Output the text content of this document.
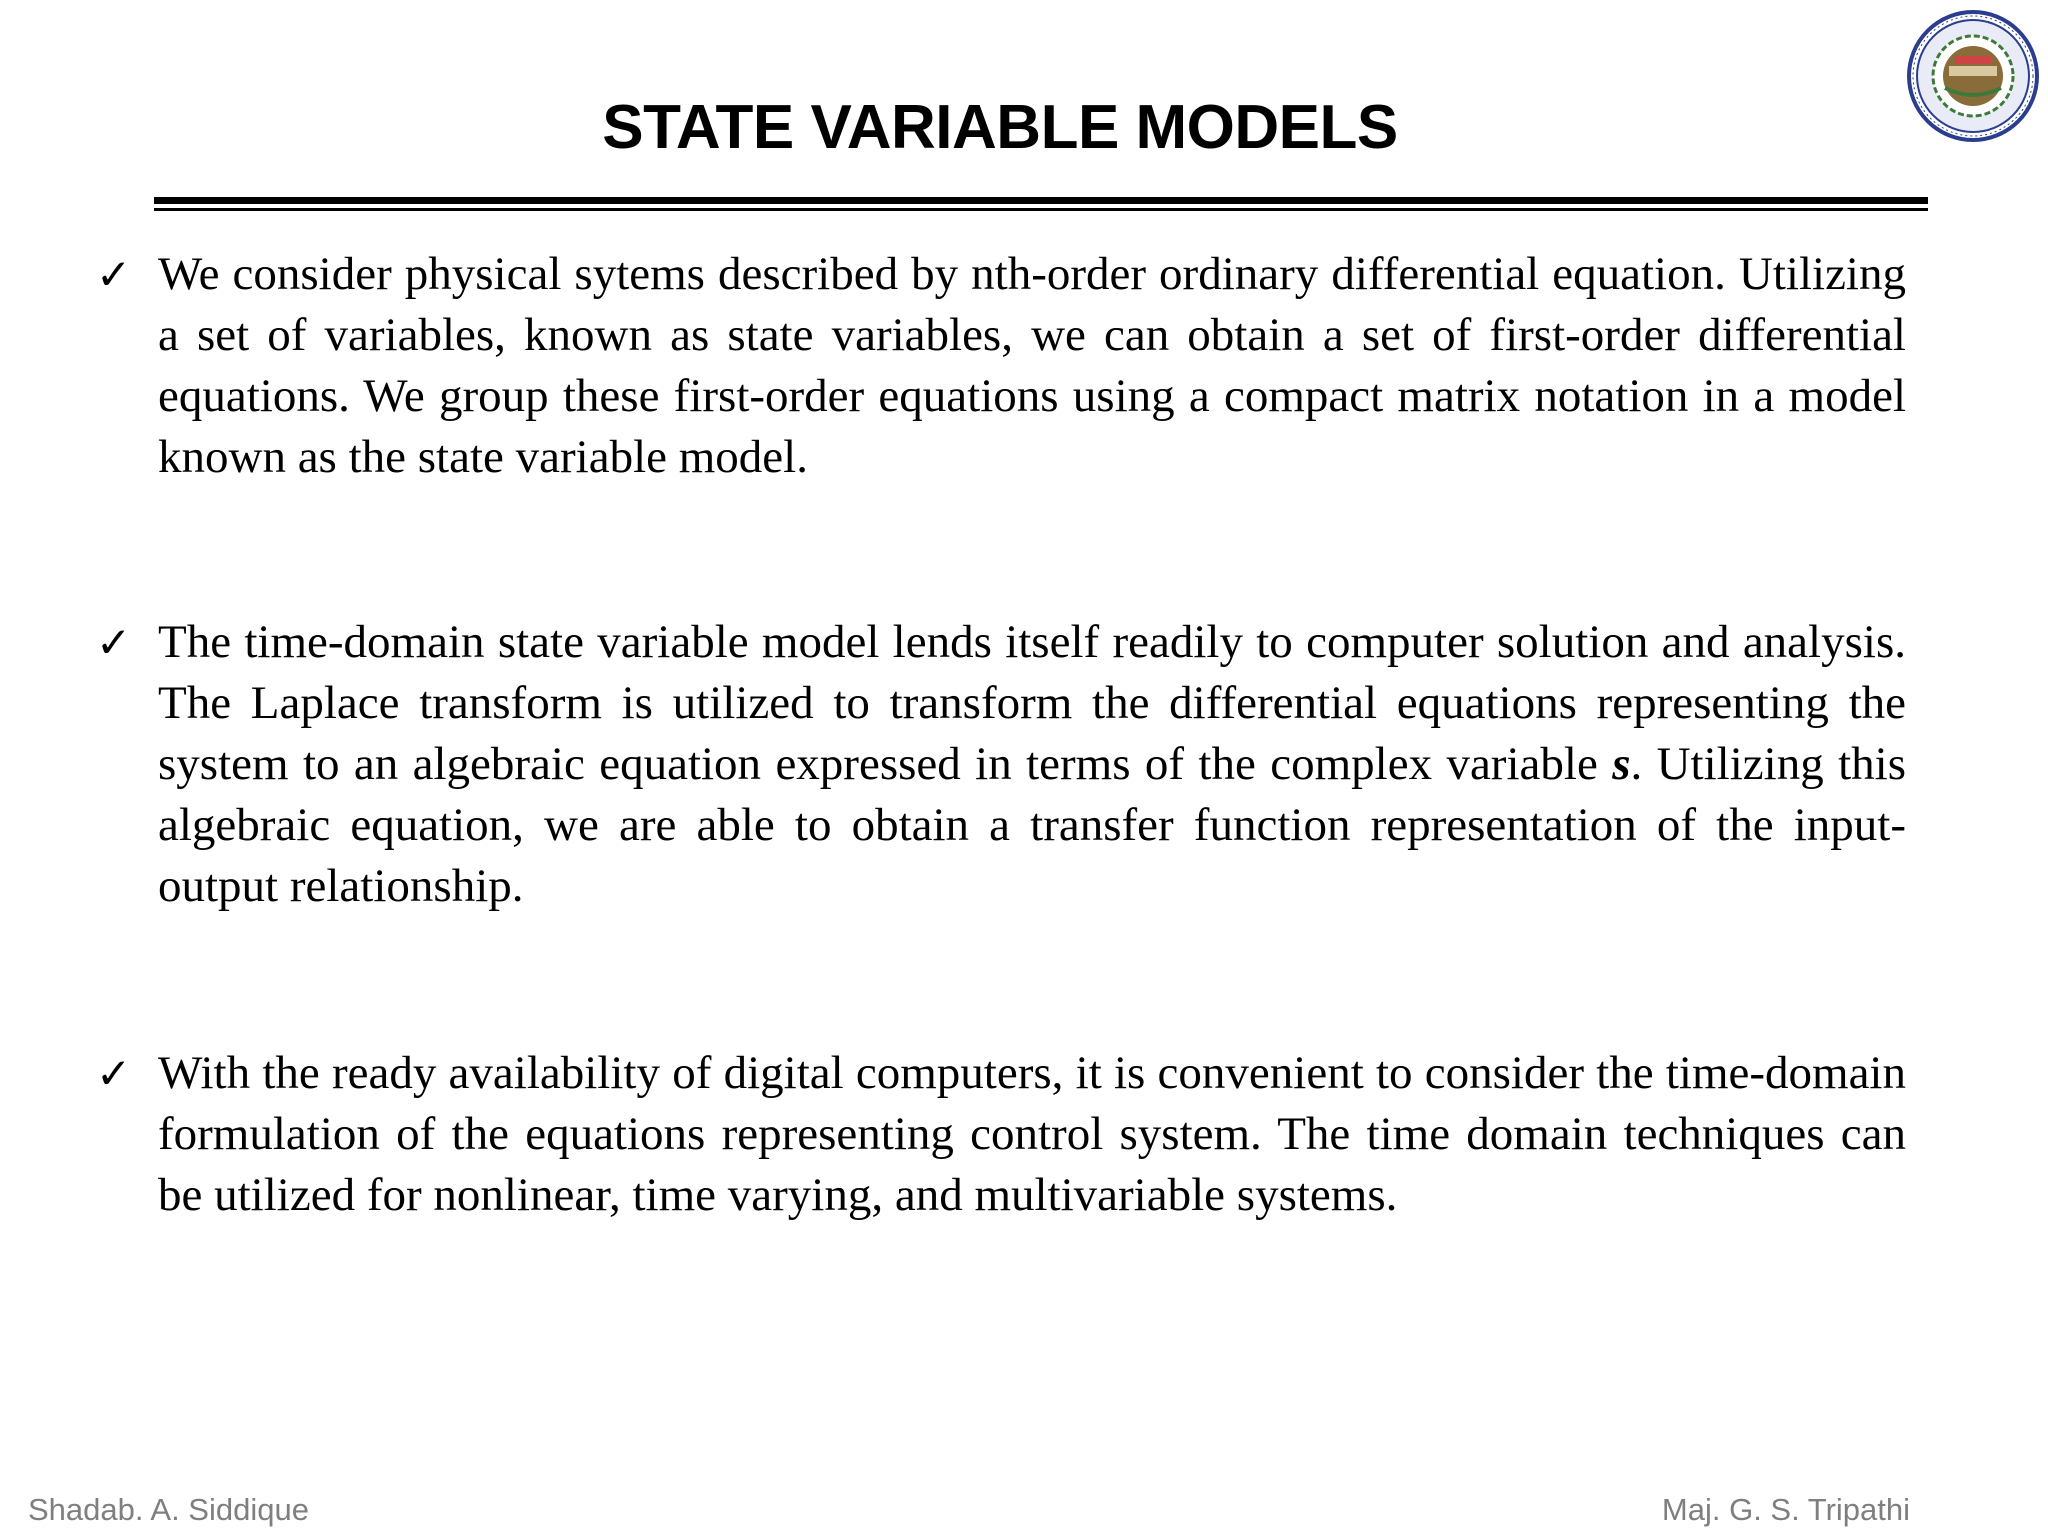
STATE VARIABLE MODELS
✓ We consider physical sytems described by nth-order ordinary differential equation. Utilizing a set of variables, known as state variables, we can obtain a set of first-order differential equations. We group these first-order equations using a compact matrix notation in a model known as the state variable model.
✓ The time-domain state variable model lends itself readily to computer solution and analysis. The Laplace transform is utilized to transform the differential equations representing the system to an algebraic equation expressed in terms of the complex variable s. Utilizing this algebraic equation, we are able to obtain a transfer function representation of the input-output relationship.
✓ With the ready availability of digital computers, it is convenient to consider the time-domain formulation of the equations representing control system. The time domain techniques can be utilized for nonlinear, time varying, and multivariable systems.
Shadab. A. Siddique	Maj. G. S. Tripathi
